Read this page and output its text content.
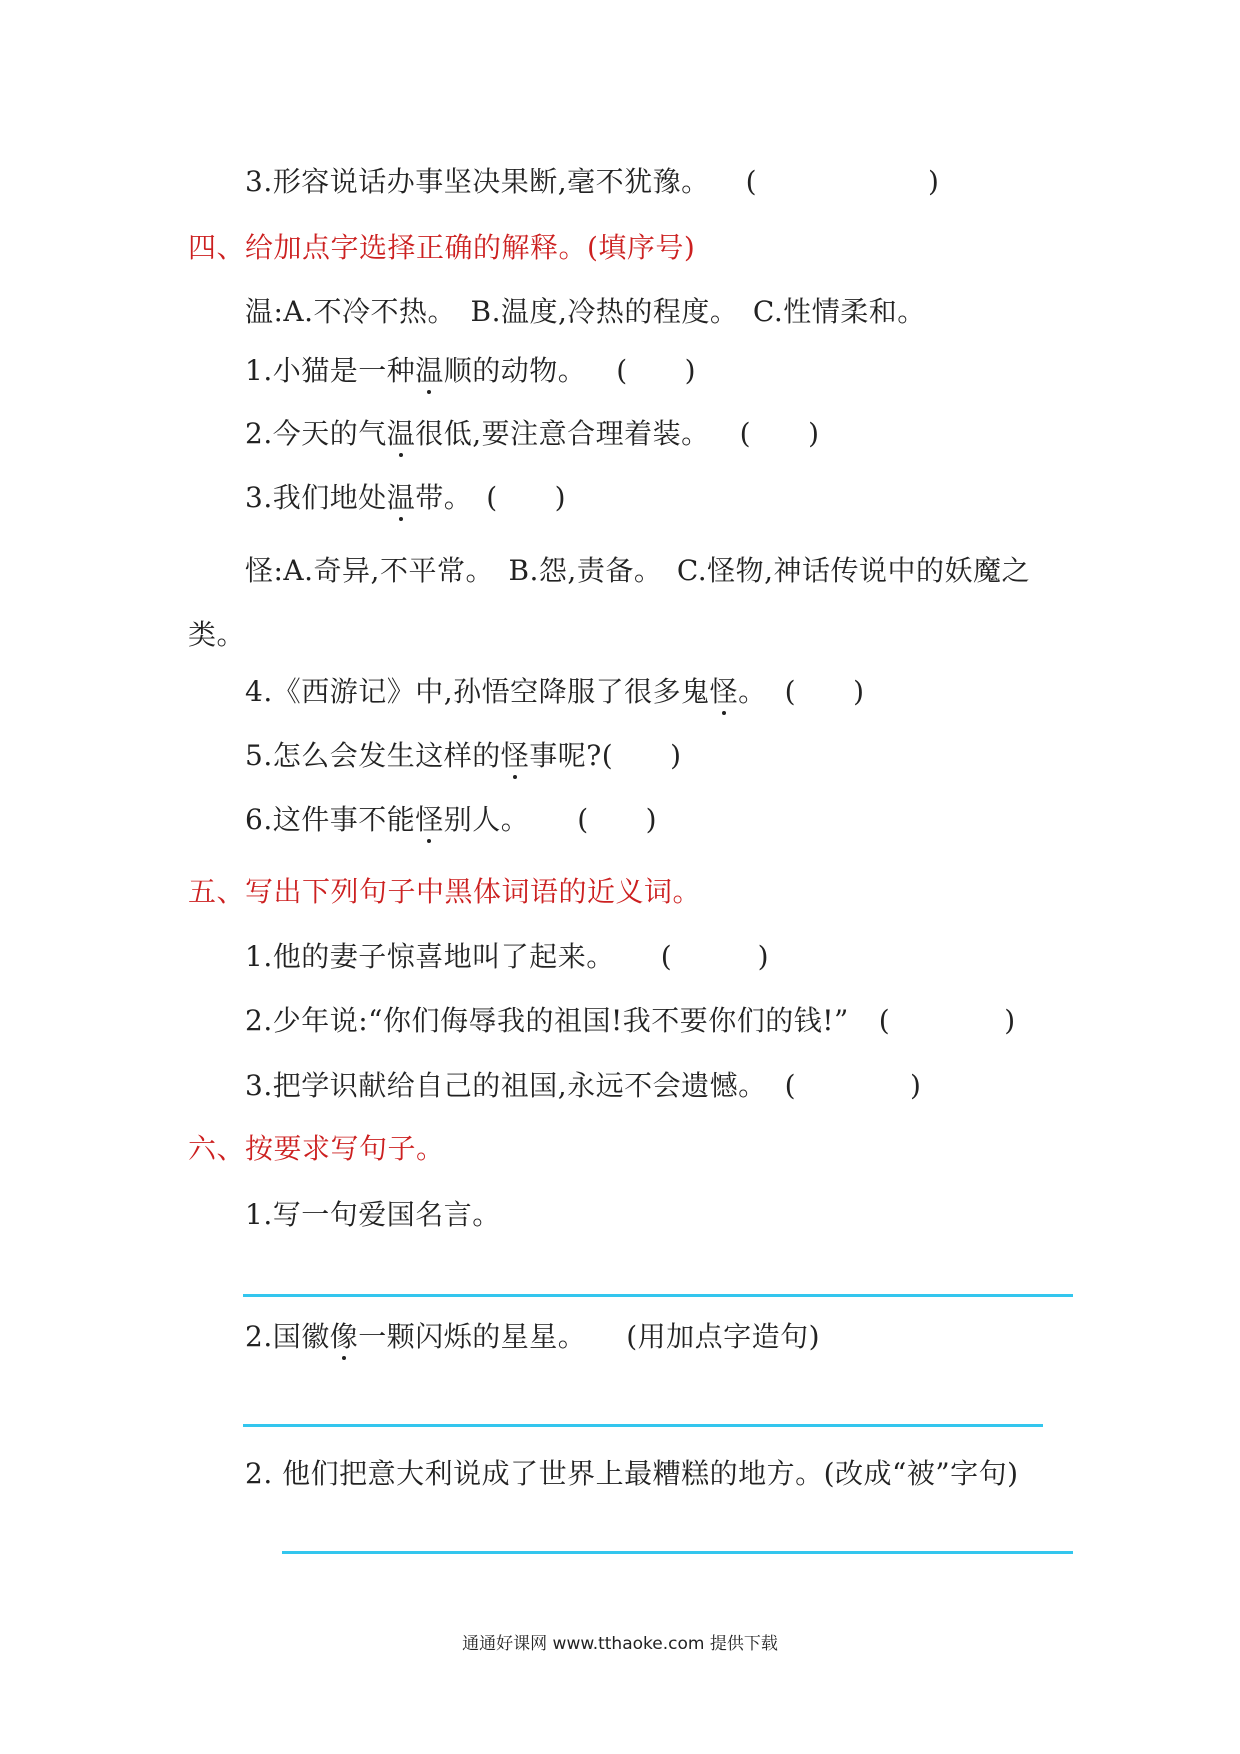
3.形容说话办事坚决果断,毫不犹豫。 (　　　　　　)

四、给加点字选择正确的解释。(填序号)

温:A.不冷不热。　B.温度,冷热的程度。　C.性情柔和。

1.小猫是一种温顺的动物。 (　　)

2.今天的气温很低,要注意合理着装。 (　　)

3.我们地处温带。 (　　)

怪:A.奇异,不平常。　B.怨,责备。　C.怪物,神话传说中的妖魔之

类。

4.《西游记》中,孙悟空降服了很多鬼怪。 (　　)

5.怎么会发生这样的怪事呢?(　　)

6.这件事不能怪别人。 (　　)

五、写出下列句子中黑体词语的近义词。

1.他的妻子惊喜地叫了起来。 (　　　)

2.少年说:“你们侮辱我的祖国!我不要你们的钱!” (　　　　)

3.把学识献给自己的祖国,永远不会遗憾。 (　　　　)

六、按要求写句子。

1.写一句爱国名言。

2.国徽像一颗闪烁的星星。 (用加点字造句)

2. 他们把意大利说成了世界上最糟糕的地方。(改成“被”字句)

通通好课网 www.tthaoke.com 提供下载
